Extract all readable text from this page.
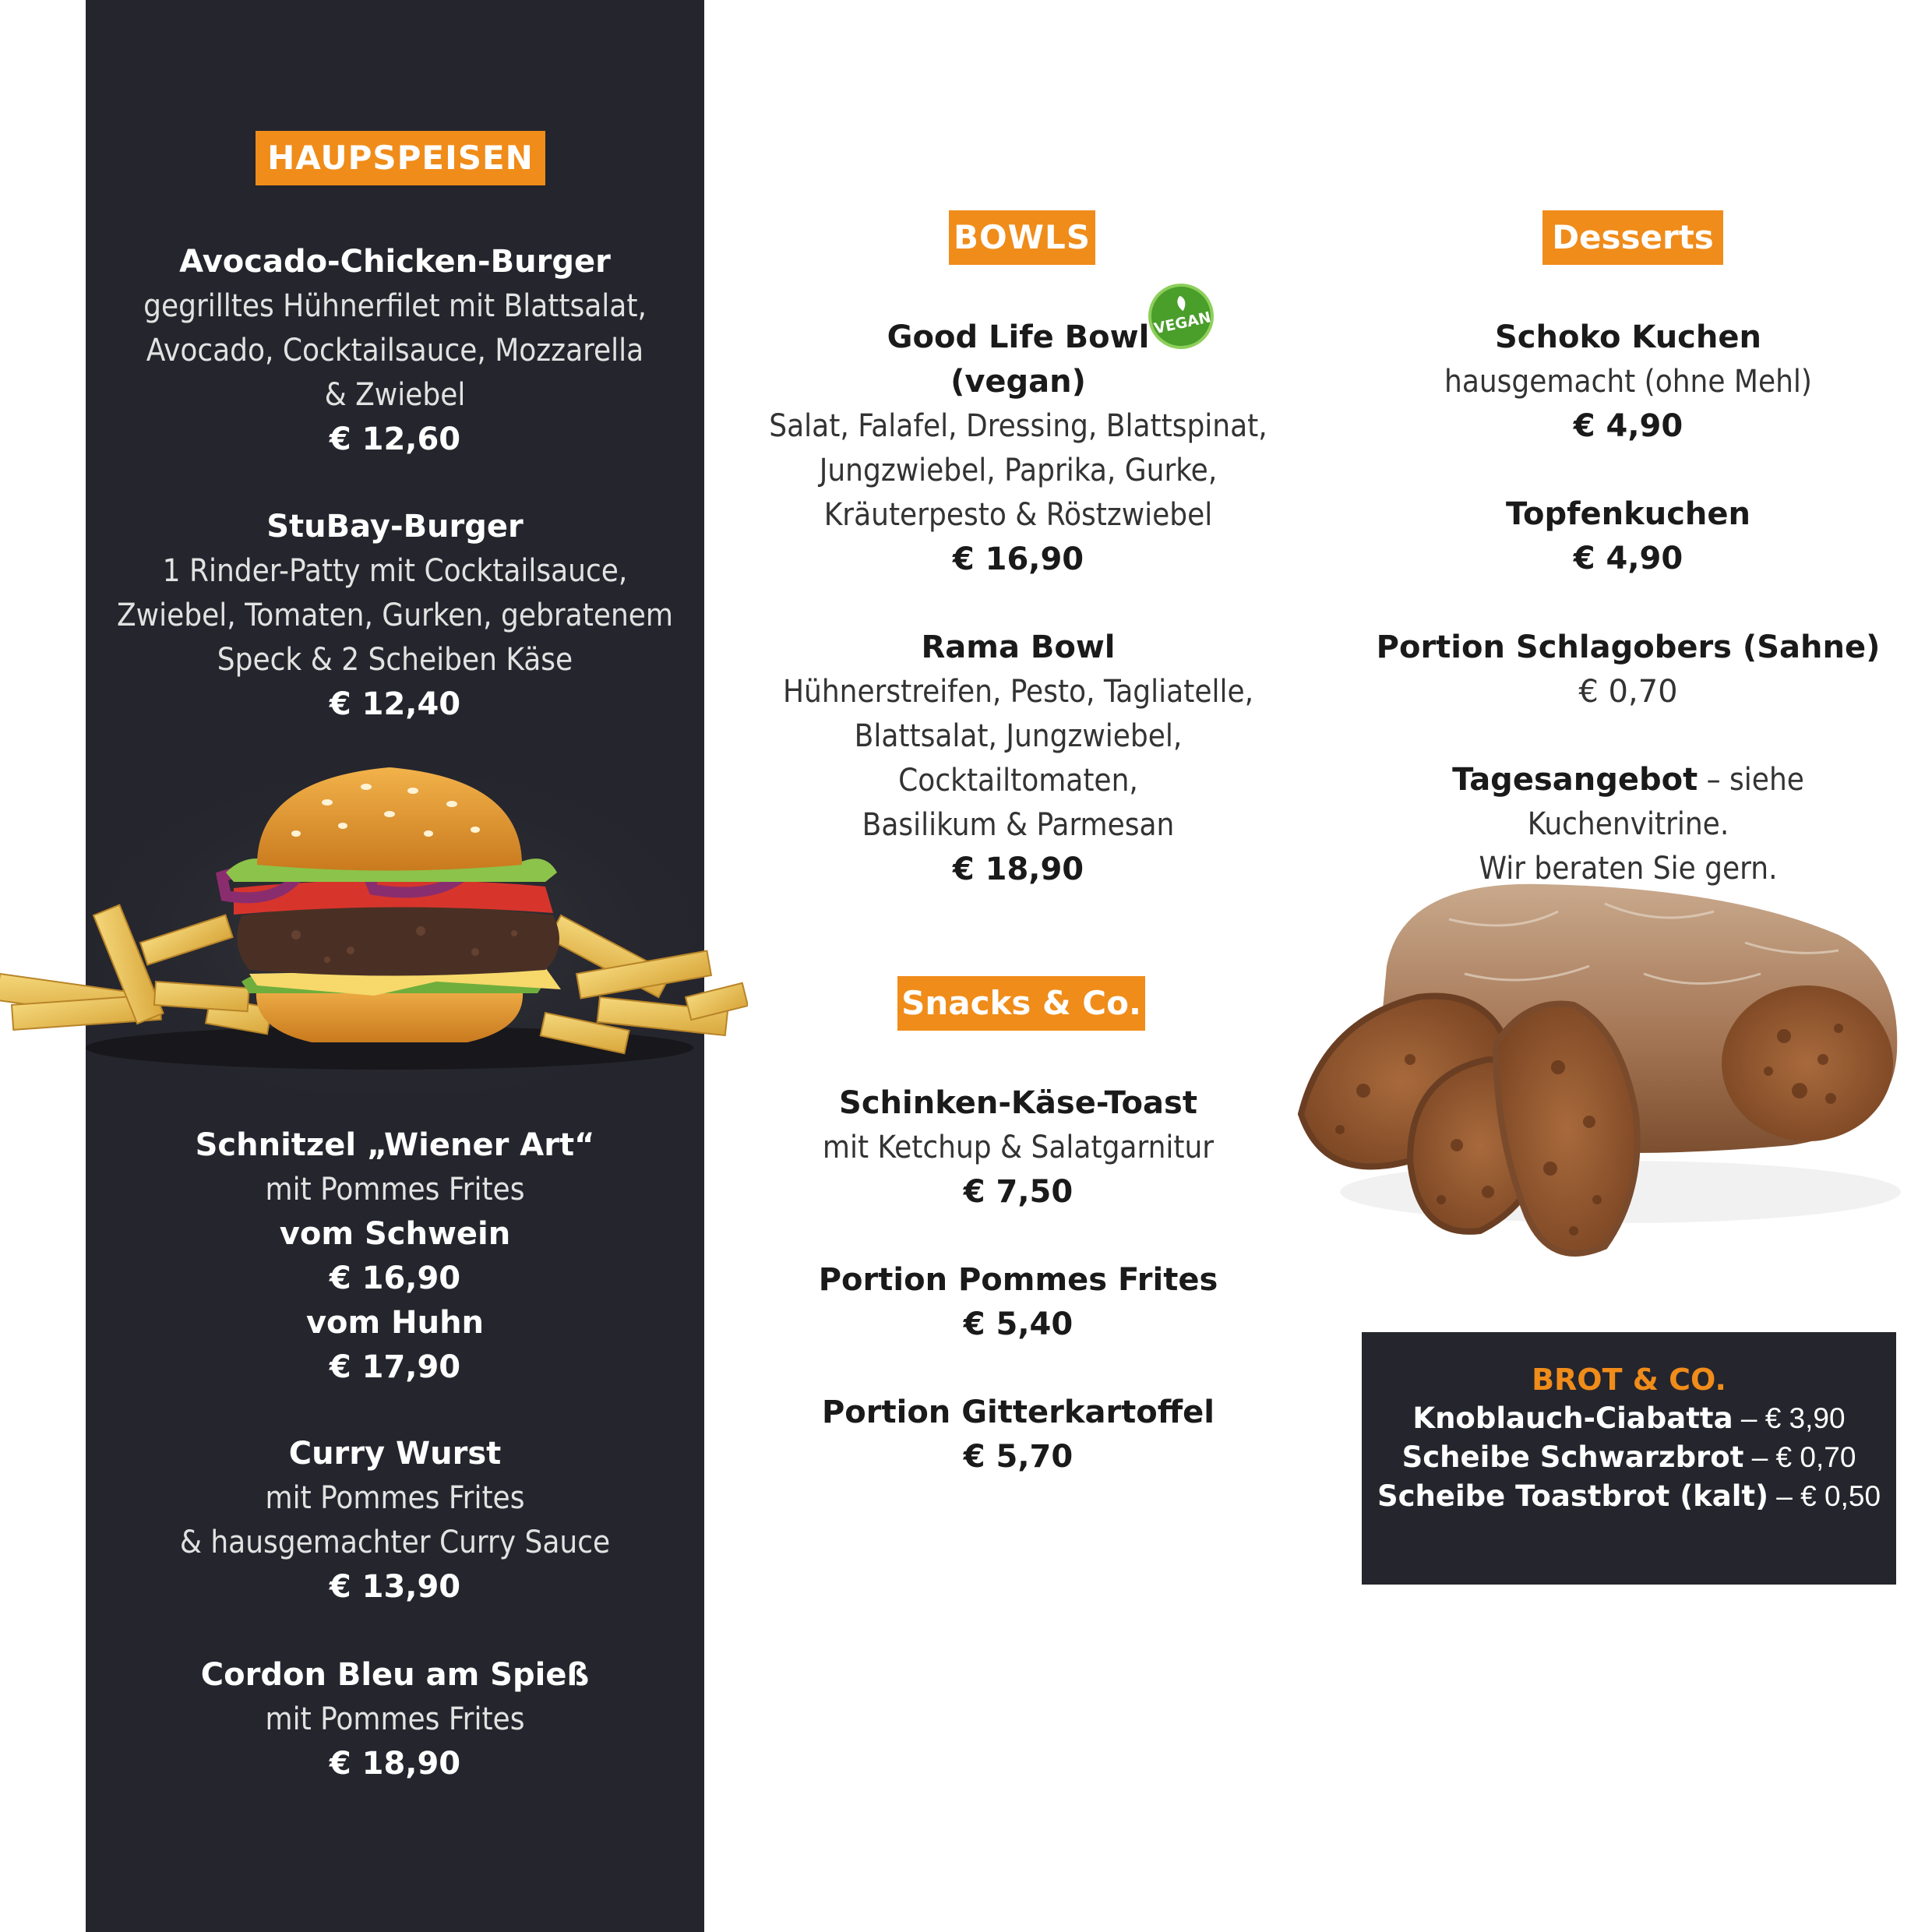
HAUPSPEISEN
Avocado-Chicken-Burger
gegrilltes Hühnerfilet mit Blattsalat,
Avocado, Cocktailsauce, Mozzarella
& Zwiebel
€ 12,60
StuBay-Burger
1 Rinder-Patty mit Cocktailsauce,
Zwiebel, Tomaten, Gurken, gebratenem
Speck & 2 Scheiben Käse
€ 12,40
Schnitzel „Wiener Art“
mit Pommes Frites
vom Schwein
€ 16,90
vom Huhn
€ 17,90
Curry Wurst
mit Pommes Frites
& hausgemachter Curry Sauce
€ 13,90
Cordon Bleu am Spieß
mit Pommes Frites
€ 18,90
BOWLS
Good Life Bowl
(vegan)
Salat, Falafel, Dressing, Blattspinat,
Jungzwiebel, Paprika, Gurke,
Kräuterpesto & Röstzwiebel
€ 16,90
VEGAN
Rama Bowl
Hühnerstreifen, Pesto, Tagliatelle,
Blattsalat, Jungzwiebel, Cocktailtomaten,
Basilikum & Parmesan
€ 18,90
Snacks & Co.
Schinken-Käse-Toast
mit Ketchup & Salatgarnitur
€ 7,50
Portion Pommes Frites
€ 5,40
Portion Gitterkartoffel
€ 5,70
Desserts
Schoko Kuchen
hausgemacht (ohne Mehl)
€ 4,90
Topfenkuchen
€ 4,90
Portion Schlagobers (Sahne)
€ 0,70
Tagesangebot – siehe Kuchenvitrine.
Wir beraten Sie gern.
BROT & CO.
Knoblauch-Ciabatta – € 3,90
Scheibe Schwarzbrot – € 0,70
Scheibe Toastbrot (kalt) – € 0,50
